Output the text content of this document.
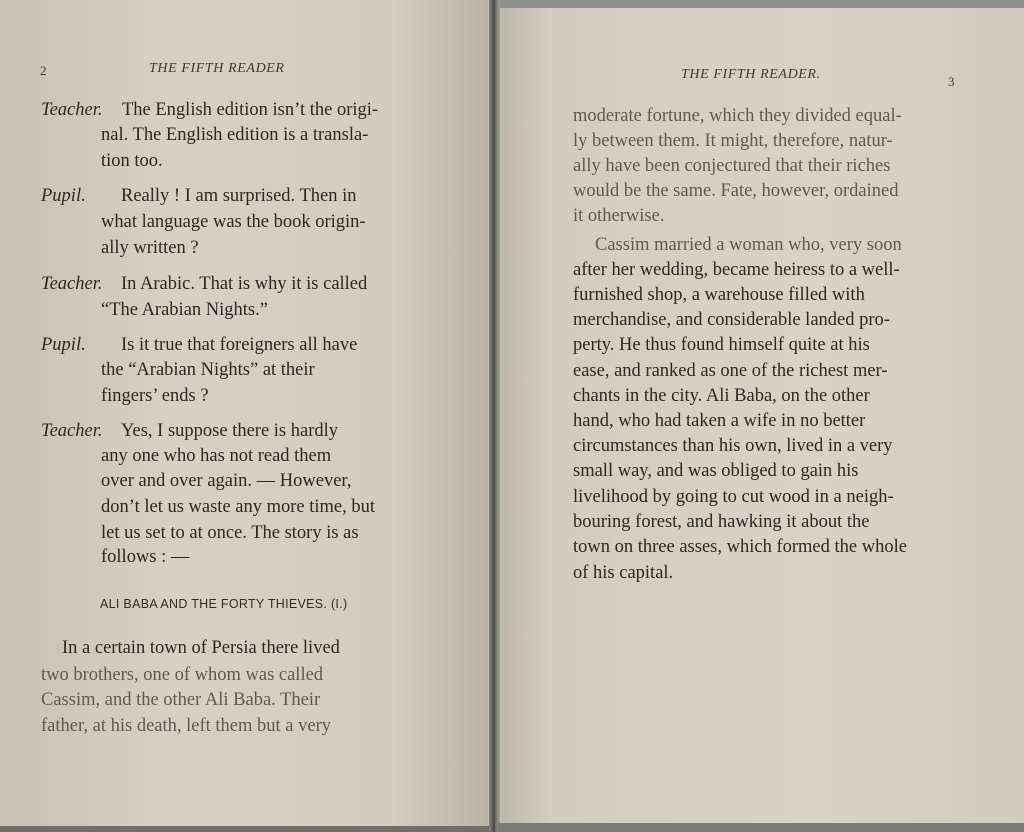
2	THE FIFTH READER
Teacher. The English edition isn’t the origi-
nal. The English edition is a transla-
tion too.
Pupil. Really ! I am surprised. Then in
what language was the book origin-
ally written ?
Teacher. In Arabic. That is why it is called
“The Arabian Nights.”
Pupil. Is it true that foreigners all have
the “Arabian Nights” at their
fingers’ ends ?
Teacher. Yes, I suppose there is hardly
any one who has not read them
over and over again. — However,
don’t let us waste any more time, but
let us set to at once. The story is as
follows : —
ALI BABA AND THE FORTY THIEVES. (I.)
In a certain town of Persia there lived
two brothers, one of whom was called
Cassim, and the other Ali Baba. Their
father, at his death, left them but a very
THE FIFTH READER.	3
moderate fortune, which they divided equal-
ly between them. It might, therefore, natur-
ally have been conjectured that their riches
would be the same. Fate, however, ordained
it otherwise.
Cassim married a woman who, very soon
after her wedding, became heiress to a well-
furnished shop, a warehouse filled with
merchandise, and considerable landed pro-
perty. He thus found himself quite at his
ease, and ranked as one of the richest mer-
chants in the city. Ali Baba, on the other
hand, who had taken a wife in no better
circumstances than his own, lived in a very
small way, and was obliged to gain his
livelihood by going to cut wood in a neigh-
bouring forest, and hawking it about the
town on three asses, which formed the whole
of his capital.
